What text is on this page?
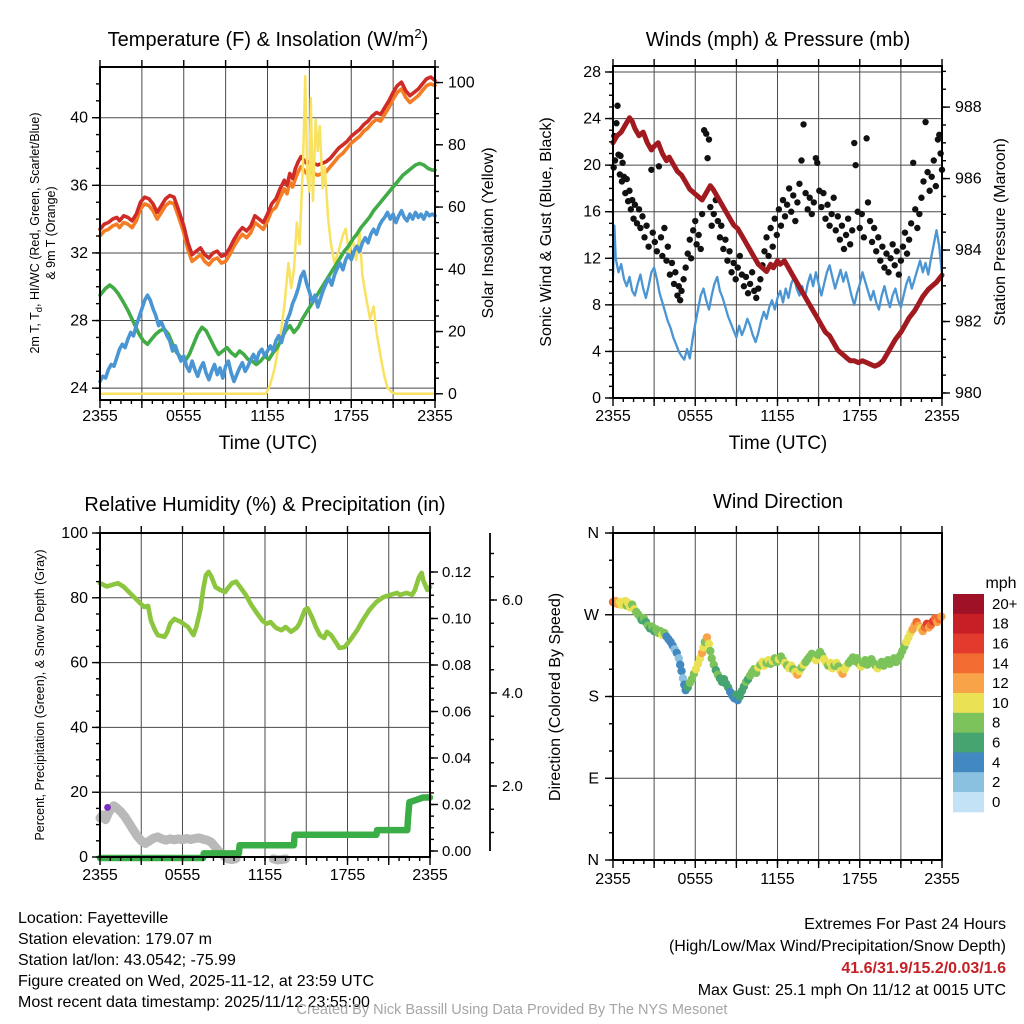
2355	0555	1155	1755	2355
24
28
32
36
40
0
20
40
60
80
100
2355	0555	1155	1755	2355
0
4
8
12
16
20
24
28
980
982
984
986
988
2355	0555	1155	1755	2355
0
20
40
60
80
100
0.00
0.02
0.04
0.06
0.08
0.10
0.12
2.0
4.0
6.0
2355	0555	1155	1755	2355
N
E
S
W
N
20+
18
16
14
12
10
8
6
4
2
0
Temperature (F) & Insolation $(W/m^2)$
2m T, $T_d$, HI/WC (Red, Green, Scarlet/Blue) & 9m T (Orange)	Solar Insolation (Yellow)
Time (UTC)
Winds (mph) & Pressure (mb)
Sonic Wind & Gust (Blue, Black)	Station Pressure (Maroon)
Time (UTC)
Relative Humidity (%) & Precipitation (in)
Percent, Precipitation (Green), & Snow Depth (Gray)
Wind Direction
Direction (Colored By Speed)
mph
Location: Fayetteville
Station elevation: 179.07 m
Station lat/lon: 43.0542; -75.99
Figure created on Wed, 2025-11-12, at 23:59 UTC
Most recent data timestamp: 2025/11/12 23:55:00
Extremes For Past 24 Hours
(High/Low/Max Wind/Precipitation/Snow Depth)
41.6/31.9/15.2/0.03/1.6
Max Gust: 25.1 mph On 11/12 at 0015 UTC
Created By Nick Bassill Using Data Provided By The NYS Mesonet
